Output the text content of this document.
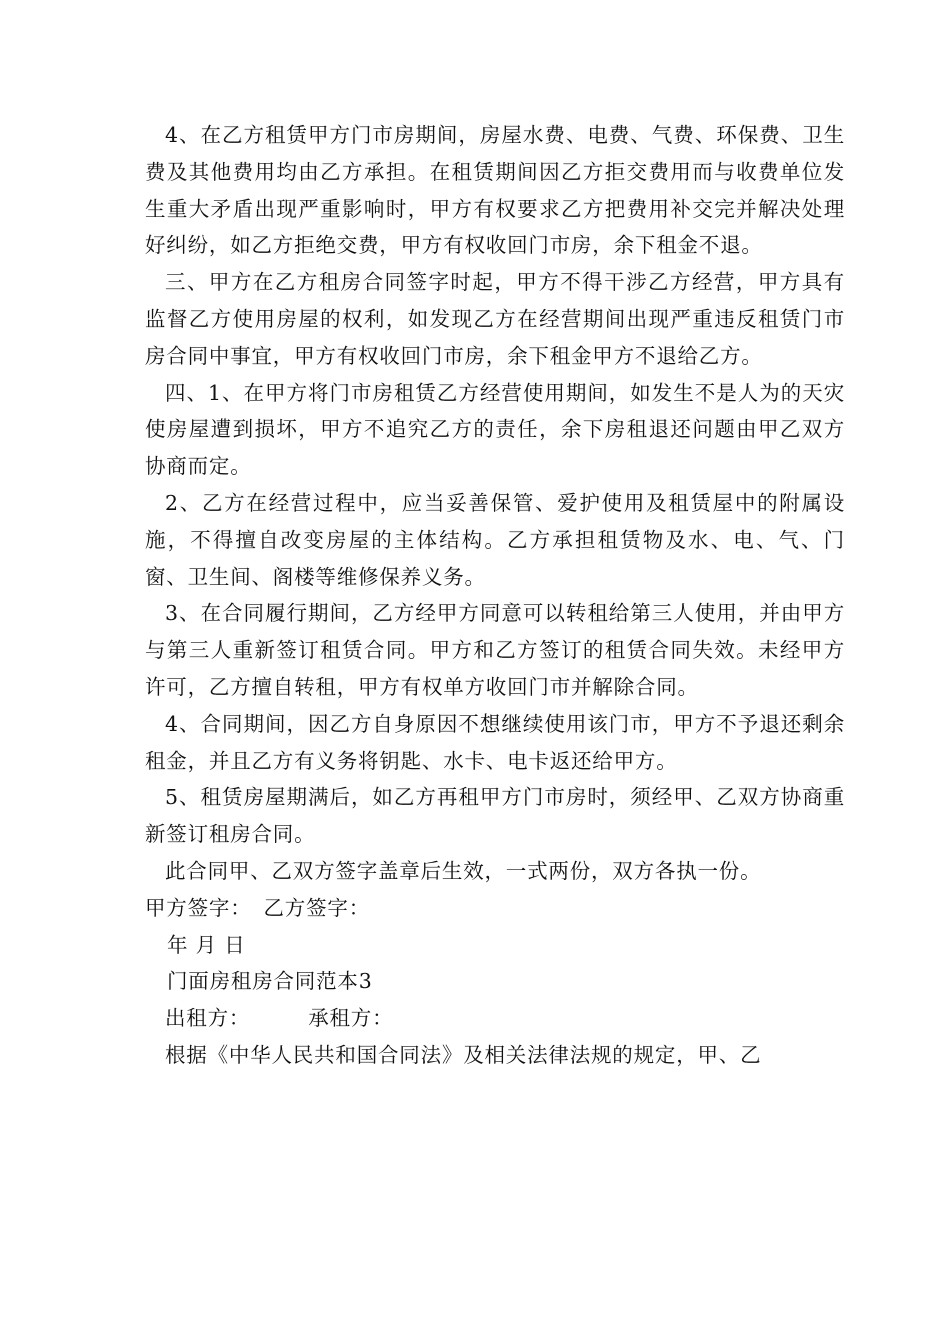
4、在乙方租赁甲方门市房期间，房屋水费、电费、气费、环保费、卫生费及其他费用均由乙方承担。在租赁期间因乙方拒交费用而与收费单位发生重大矛盾出现严重影响时，甲方有权要求乙方把费用补交完并解决处理好纠纷，如乙方拒绝交费，甲方有权收回门市房，余下租金不退。

三、甲方在乙方租房合同签字时起，甲方不得干涉乙方经营，甲方具有监督乙方使用房屋的权利，如发现乙方在经营期间出现严重违反租赁门市房合同中事宜，甲方有权收回门市房，余下租金甲方不退给乙方。

四、1、在甲方将门市房租赁乙方经营使用期间，如发生不是人为的天灾使房屋遭到损坏，甲方不追究乙方的责任，余下房租退还问题由甲乙双方协商而定。

2、乙方在经营过程中，应当妥善保管、爱护使用及租赁屋中的附属设施，不得擅自改变房屋的主体结构。乙方承担租赁物及水、电、气、门窗、卫生间、阁楼等维修保养义务。

3、在合同履行期间，乙方经甲方同意可以转租给第三人使用，并由甲方与第三人重新签订租赁合同。甲方和乙方签订的租赁合同失效。未经甲方许可，乙方擅自转租，甲方有权单方收回门市并解除合同。

4、合同期间，因乙方自身原因不想继续使用该门市，甲方不予退还剩余租金，并且乙方有义务将钥匙、水卡、电卡返还给甲方。

5、租赁房屋期满后，如乙方再租甲方门市房时，须经甲、乙双方协商重新签订租房合同。

此合同甲、乙双方签字盖章后生效，一式两份，双方各执一份。

甲方签字： 乙方签字：

年 月 日

门面房租房合同范本3

出租方：	承租方：

根据《中华人民共和国合同法》及相关法律法规的规定，甲、乙
